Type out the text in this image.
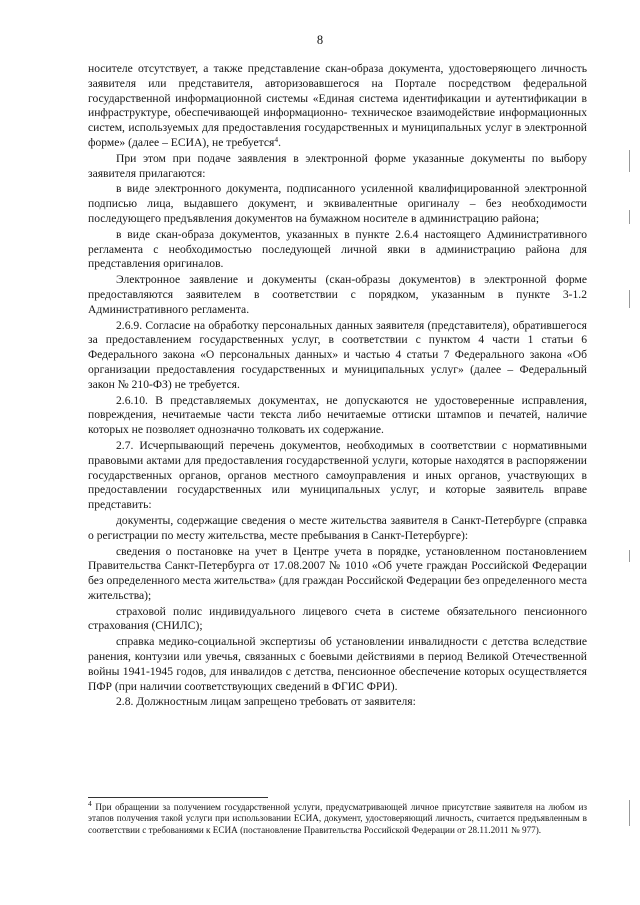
8

носителе отсутствует, а также представление скан-образа документа, удостоверяющего личность заявителя или представителя, авторизовавшегося на Портале посредством федеральной государственной информационной системы «Единая система идентификации и аутентификации в инфраструктуре, обеспечивающей информационно- техническое взаимодействие информационных систем, используемых для предоставления государственных и муниципальных услуг в электронной форме» (далее – ЕСИА), не требуется$^4$.

При этом при подаче заявления в электронной форме указанные документы по выбору заявителя прилагаются:

в виде электронного документа, подписанного усиленной квалифицированной электронной подписью лица, выдавшего документ, и эквивалентные оригиналу – без необходимости последующего предъявления документов на бумажном носителе в администрацию района;

в виде скан-образа документов, указанных в пункте 2.6.4 настоящего Административного регламента с необходимостью последующей личной явки в администрацию района для представления оригиналов.

Электронное заявление и документы (скан-образы документов) в электронной форме предоставляются заявителем в соответствии с порядком, указанным в пункте 3-1.2 Административного регламента.

2.6.9. Согласие на обработку персональных данных заявителя (представителя), обратившегося за предоставлением государственных услуг, в соответствии с пунктом 4 части 1 статьи 6 Федерального закона «О персональных данных» и частью 4 статьи 7 Федерального закона «Об организации предоставления государственных и муниципальных услуг» (далее – Федеральный закон № 210-ФЗ) не требуется.

2.6.10. В представляемых документах, не допускаются не удостоверенные исправления, повреждения, нечитаемые части текста либо нечитаемые оттиски штампов и печатей, наличие которых не позволяет однозначно толковать их содержание.

2.7. Исчерпывающий перечень документов, необходимых в соответствии с нормативными правовыми актами для предоставления государственной услуги, которые находятся в распоряжении государственных органов, органов местного самоуправления и иных органов, участвующих в предоставлении государственных или муниципальных услуг, и которые заявитель вправе представить:

документы, содержащие сведения о месте жительства заявителя в Санкт-Петербурге (справка о регистрации по месту жительства, месте пребывания в Санкт-Петербурге):

сведения о постановке на учет в Центре учета в порядке, установленном постановлением Правительства Санкт-Петербурга от 17.08.2007 № 1010 «Об учете граждан Российской Федерации без определенного места жительства» (для граждан Российской Федерации без определенного места жительства);

страховой полис индивидуального лицевого счета в системе обязательного пенсионного страхования (СНИЛС);

справка медико-социальной экспертизы об установлении инвалидности с детства вследствие ранения, контузии или увечья, связанных с боевыми действиями в период Великой Отечественной войны 1941-1945 годов, для инвалидов с детства, пенсионное обеспечение которых осуществляется ПФР (при наличии соответствующих сведений в ФГИС ФРИ).

2.8. Должностным лицам запрещено требовать от заявителя:

$^4$ При обращении за получением государственной услуги, предусматривающей личное присутствие заявителя на любом из этапов получения такой услуги при использовании ЕСИА, документ, удостоверяющий личность, считается предъявленным в соответствии с требованиями к ЕСИА (постановление Правительства Российской Федерации от 28.11.2011 № 977).
